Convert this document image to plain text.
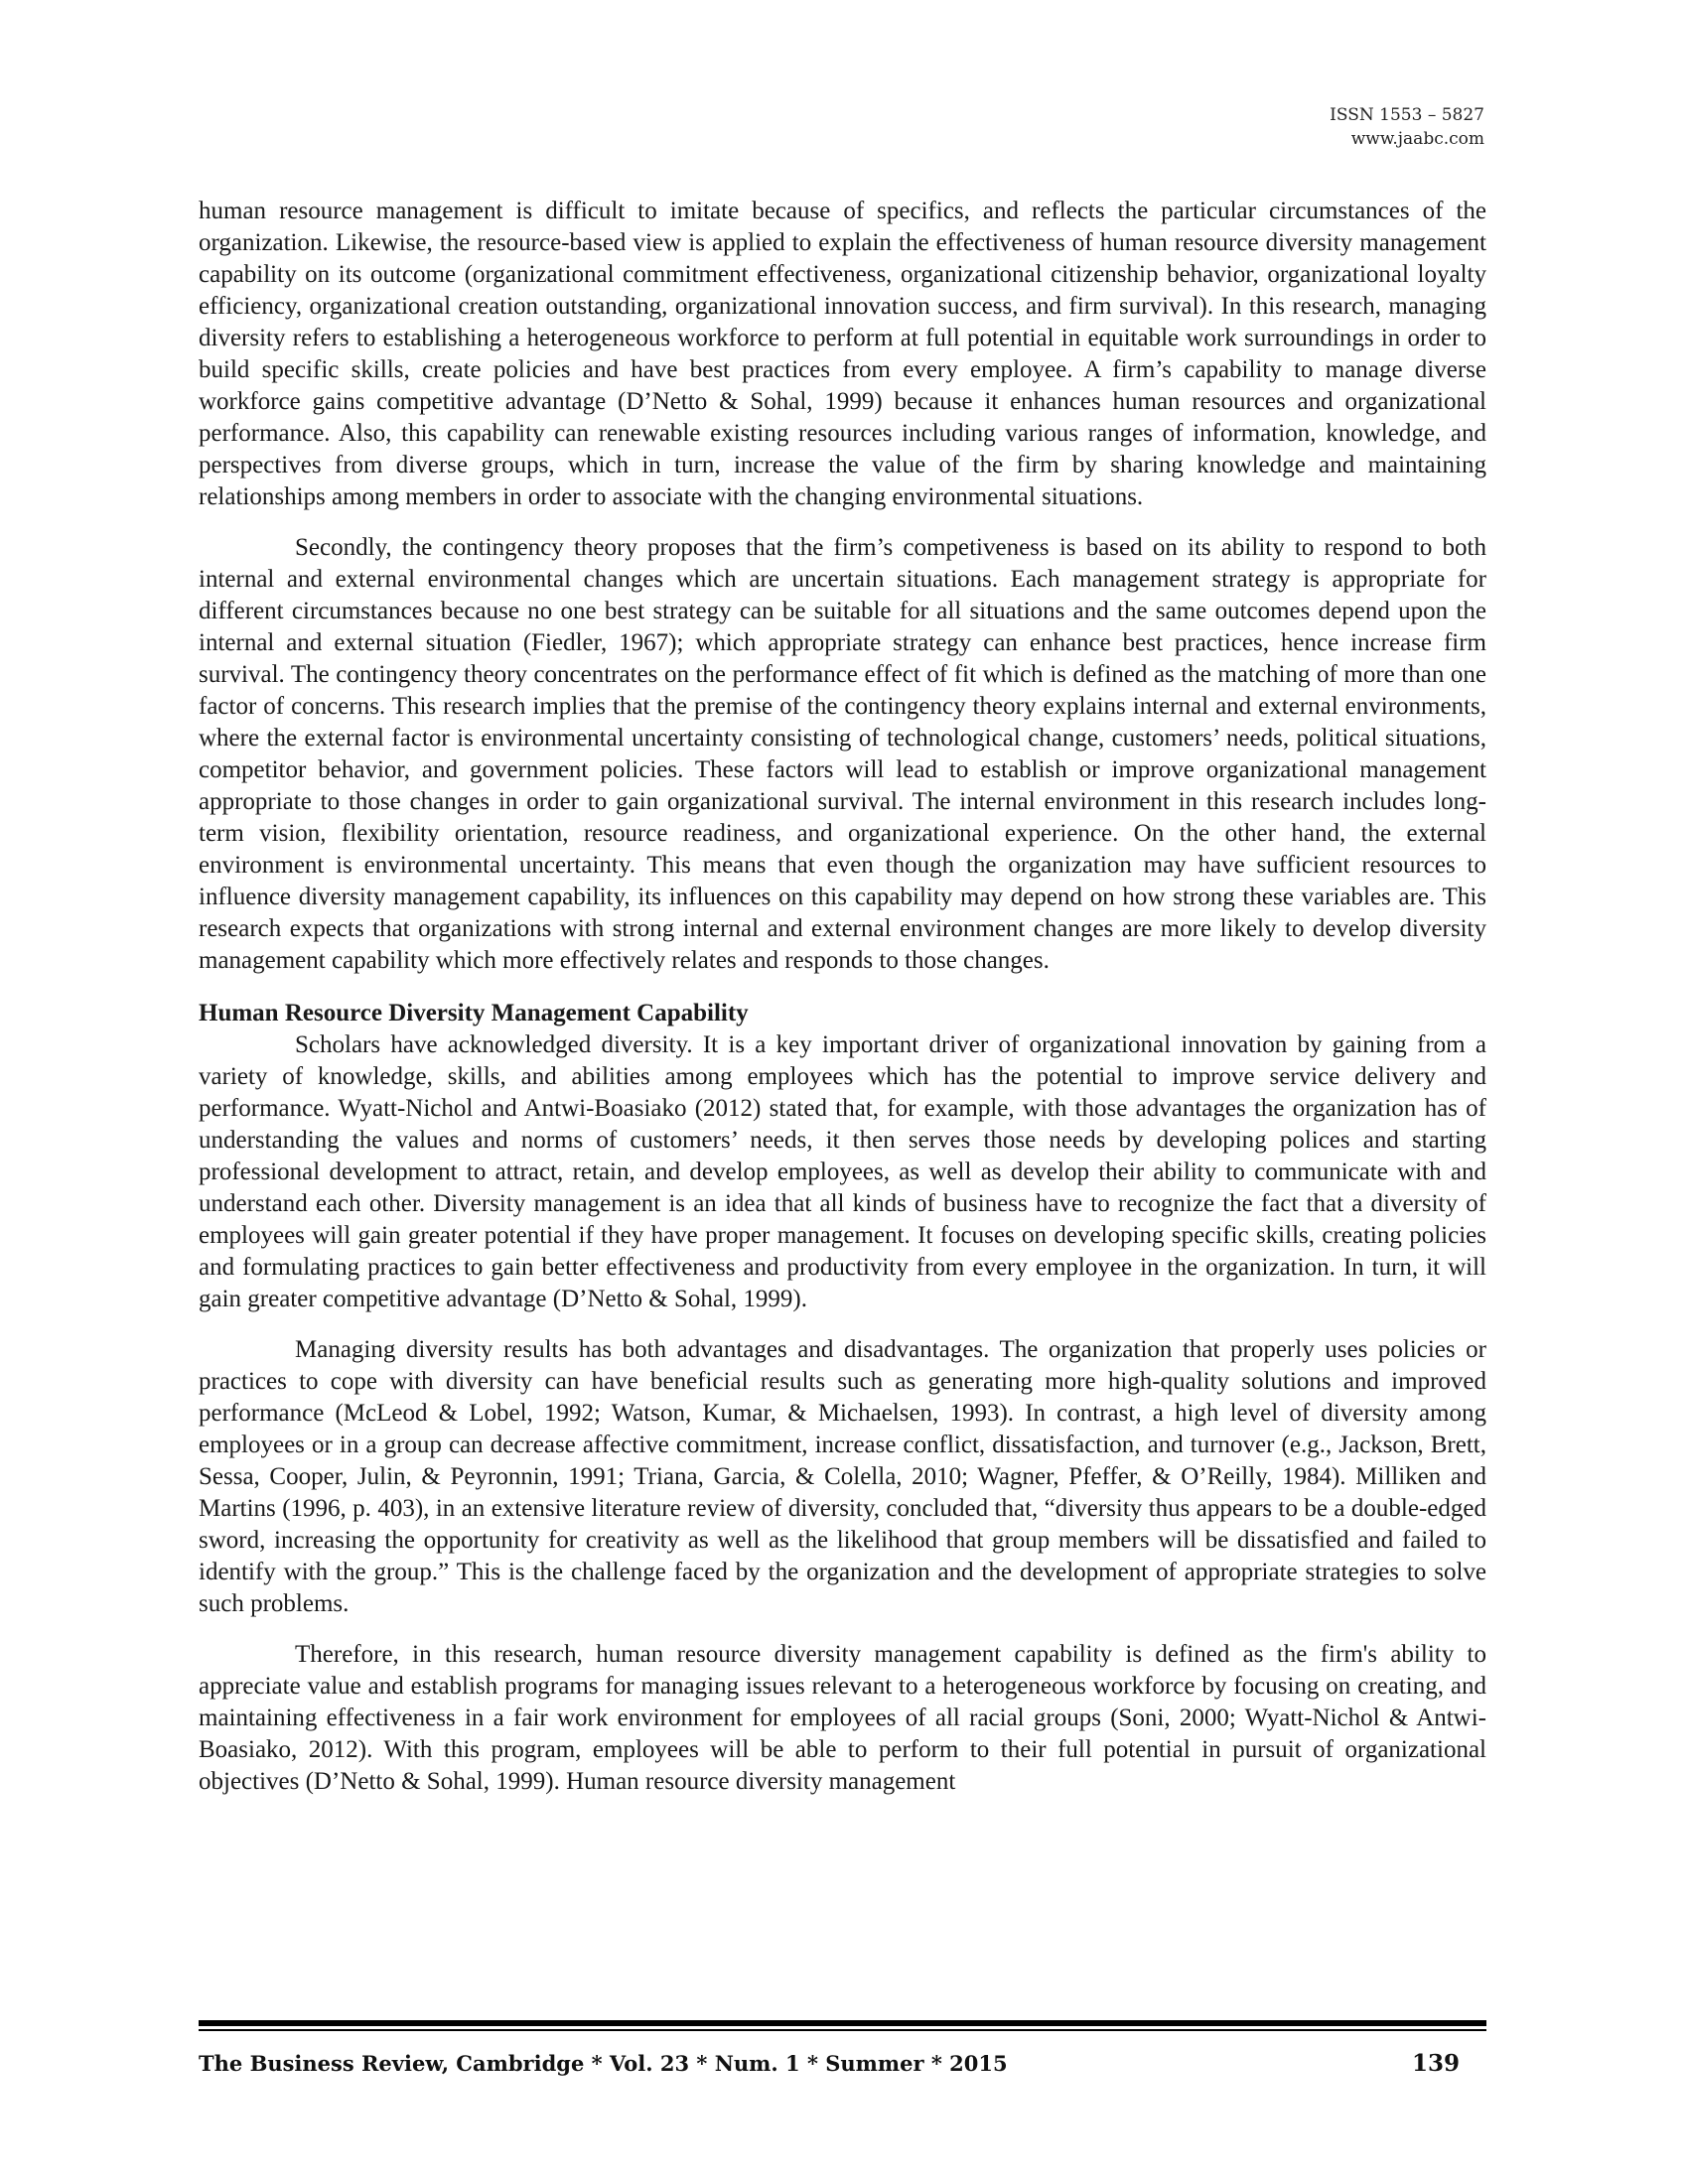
ISSN 1553 – 5827
www.jaabc.com

human resource management is difficult to imitate because of specifics, and reflects the particular circumstances of the organization. Likewise, the resource-based view is applied to explain the effectiveness of human resource diversity management capability on its outcome (organizational commitment effectiveness, organizational citizenship behavior, organizational loyalty efficiency, organizational creation outstanding, organizational innovation success, and firm survival). In this research, managing diversity refers to establishing a heterogeneous workforce to perform at full potential in equitable work surroundings in order to build specific skills, create policies and have best practices from every employee. A firm’s capability to manage diverse workforce gains competitive advantage (D’Netto & Sohal, 1999) because it enhances human resources and organizational performance. Also, this capability can renewable existing resources including various ranges of information, knowledge, and perspectives from diverse groups, which in turn, increase the value of the firm by sharing knowledge and maintaining relationships among members in order to associate with the changing environmental situations.

Secondly, the contingency theory proposes that the firm’s competiveness is based on its ability to respond to both internal and external environmental changes which are uncertain situations. Each management strategy is appropriate for different circumstances because no one best strategy can be suitable for all situations and the same outcomes depend upon the internal and external situation (Fiedler, 1967); which appropriate strategy can enhance best practices, hence increase firm survival. The contingency theory concentrates on the performance effect of fit which is defined as the matching of more than one factor of concerns. This research implies that the premise of the contingency theory explains internal and external environments, where the external factor is environmental uncertainty consisting of technological change, customers’ needs, political situations, competitor behavior, and government policies. These factors will lead to establish or improve organizational management appropriate to those changes in order to gain organizational survival. The internal environment in this research includes long-term vision, flexibility orientation, resource readiness, and organizational experience. On the other hand, the external environment is environmental uncertainty. This means that even though the organization may have sufficient resources to influence diversity management capability, its influences on this capability may depend on how strong these variables are. This research expects that organizations with strong internal and external environment changes are more likely to develop diversity management capability which more effectively relates and responds to those changes.

Human Resource Diversity Management Capability

Scholars have acknowledged diversity. It is a key important driver of organizational innovation by gaining from a variety of knowledge, skills, and abilities among employees which has the potential to improve service delivery and performance. Wyatt-Nichol and Antwi-Boasiako (2012) stated that, for example, with those advantages the organization has of understanding the values and norms of customers’ needs, it then serves those needs by developing polices and starting professional development to attract, retain, and develop employees, as well as develop their ability to communicate with and understand each other. Diversity management is an idea that all kinds of business have to recognize the fact that a diversity of employees will gain greater potential if they have proper management. It focuses on developing specific skills, creating policies and formulating practices to gain better effectiveness and productivity from every employee in the organization. In turn, it will gain greater competitive advantage (D’Netto & Sohal, 1999).

Managing diversity results has both advantages and disadvantages. The organization that properly uses policies or practices to cope with diversity can have beneficial results such as generating more high-quality solutions and improved performance (McLeod & Lobel, 1992; Watson, Kumar, & Michaelsen, 1993). In contrast, a high level of diversity among employees or in a group can decrease affective commitment, increase conflict, dissatisfaction, and turnover (e.g., Jackson, Brett, Sessa, Cooper, Julin, & Peyronnin, 1991; Triana, Garcia, & Colella, 2010; Wagner, Pfeffer, & O’Reilly, 1984). Milliken and Martins (1996, p. 403), in an extensive literature review of diversity, concluded that, “diversity thus appears to be a double-edged sword, increasing the opportunity for creativity as well as the likelihood that group members will be dissatisfied and failed to identify with the group.” This is the challenge faced by the organization and the development of appropriate strategies to solve such problems.

Therefore, in this research, human resource diversity management capability is defined as the firm's ability to appreciate value and establish programs for managing issues relevant to a heterogeneous workforce by focusing on creating, and maintaining effectiveness in a fair work environment for employees of all racial groups (Soni, 2000; Wyatt-Nichol & Antwi-Boasiako, 2012). With this program, employees will be able to perform to their full potential in pursuit of organizational objectives (D’Netto & Sohal, 1999). Human resource diversity management

The Business Review, Cambridge * Vol. 23 * Num. 1 * Summer * 2015	139
